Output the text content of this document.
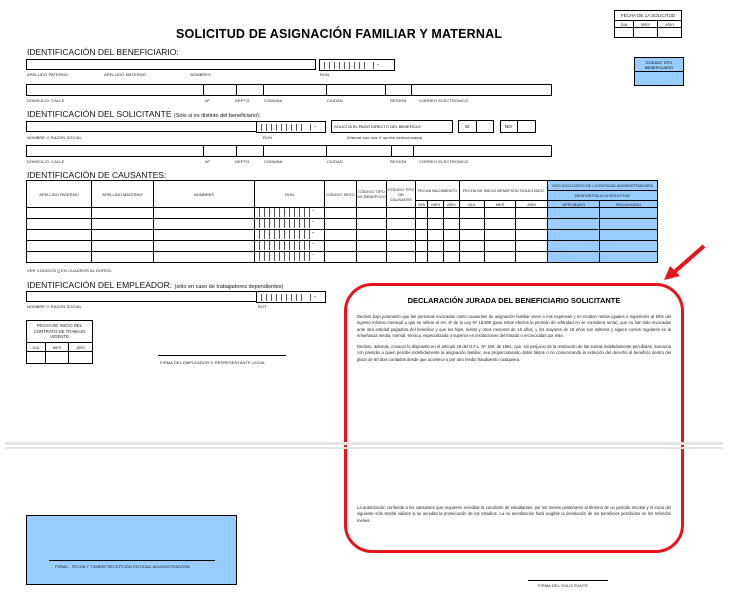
SOLICITUD DE ASIGNACIÓN FAMILIAR Y MATERNAL
FECHA DE LA SOLICITUD		
DIA	MES	AÑO

CODIGO TIPO BENEFICIARIO
IDENTIFICACIÓN DEL BENEFICIARIO:
.	.	-
APELLIDO PATERNO	APELLIDO MATERNO	NOMBRES	RUN
DOMICILIO: CALLE	Nº	DEPTO.	COMUNA	CIUDAD	REGION	CORREO ELECTRONICO
IDENTIFICACIÓN DEL SOLICITANTE (Sólo si es distinto del beneficiario):
.	.	-	SOLICITA EL PAGO DIRECTO DEL BENEFICIO:	SÍ	NO
NOMBRE O RAZÓN SOCIAL	RUN	(Marcar con una X opción seleccionada)
DOMICILIO: CALLE	Nº	DEPTO.	COMUNA	CIUDAD	REGION	CORREO ELECTRONICO
IDENTIFICACIÓN DE CAUSANTES:
APELLIDO PATERNO	APELLIDO MATERNO	NOMBRES	RUN	CÓDIGO SEXO	CÓDIGO TIPO DE BENEFICIO	CÓDIGO TIPO DE CAUSANTE	FECHA NACIMIENTO			FECHA DE INICIO BENEFICIO SOLICITADO			USO EXCLUSIVO DE LA ENTIDAD ADMINISTRADORA	
													RESPUESTA A LA SOLICITUD	
							DIA	MES	AÑO	DIA	MES	AÑO	APROBADO	RECHAZADO

			. . -											

			. . -											

			. . -											

			. . -											

			. . -											

VER CODIGOS [] EN CUADROS AL DORSO.
IDENTIFICACIÓN DEL EMPLEADOR: (sólo en caso de trabajadores dependientes)
.	.	-
NOMBRE O RAZÓN SOCIAL	RUT
FECHA DE INICIO DEL CONTRATO DE TRABAJO VIGENTE		
DIA	MES	AÑO

FIRMA DEL EMPLEADOR O REPRESENTANTE LEGAL
DECLARACIÓN JURADA DEL BENEFICIARIO SOLICITANTE

Declaro bajo juramento que las personas invocadas como causantes de asignación familiar viven a mis expensas y no reciben rentas iguales o superiores al 50% del ingreso mínimo mensual a que se refiere el Art. 4º de la Ley Nº 18.806 (para estos efectos la pensión de orfandad no se considera renta); que no han sido invocadas ante otra entidad pagadora del beneficio y que los hijos, nietos y otros menores de 18 años, y los mayores de 18 años son solteros y siguen cursos regulares en la enseñanza media, normal, técnica, especializada o superior en instituciones del Estado o reconocidas por éste.

Declaro, además, conocer lo dispuesto en el artículo 18 del D.F.L. Nº 150, de 1981, que, sin perjuicio de la restitución de las sumas indebidamente percibidas, sanciona con presidio a quien percibe indebidamente la asignación familiar, sea proporcionando datos falsos o no comunicando la extinción del derecho al beneficio dentro del plazo de 60 días contados desde que acontece o por otro medio fraudulento cualquiera.

La autorización conferida a los causantes que requieren acreditar la condición de estudiantes, por los meses posteriores al término de un período escolar y el inicio del siguiente sólo tendrá validez si se acredita la prosecución de los estudios. La no acreditación hará exigible la devolución de los beneficios percibidos en los referidos meses.

FIRMA - FECHA Y TIMBRE RECEPCIÓN ENTIDAD ADMINISTRADORA
FIRMA DEL SOLICITANTE
